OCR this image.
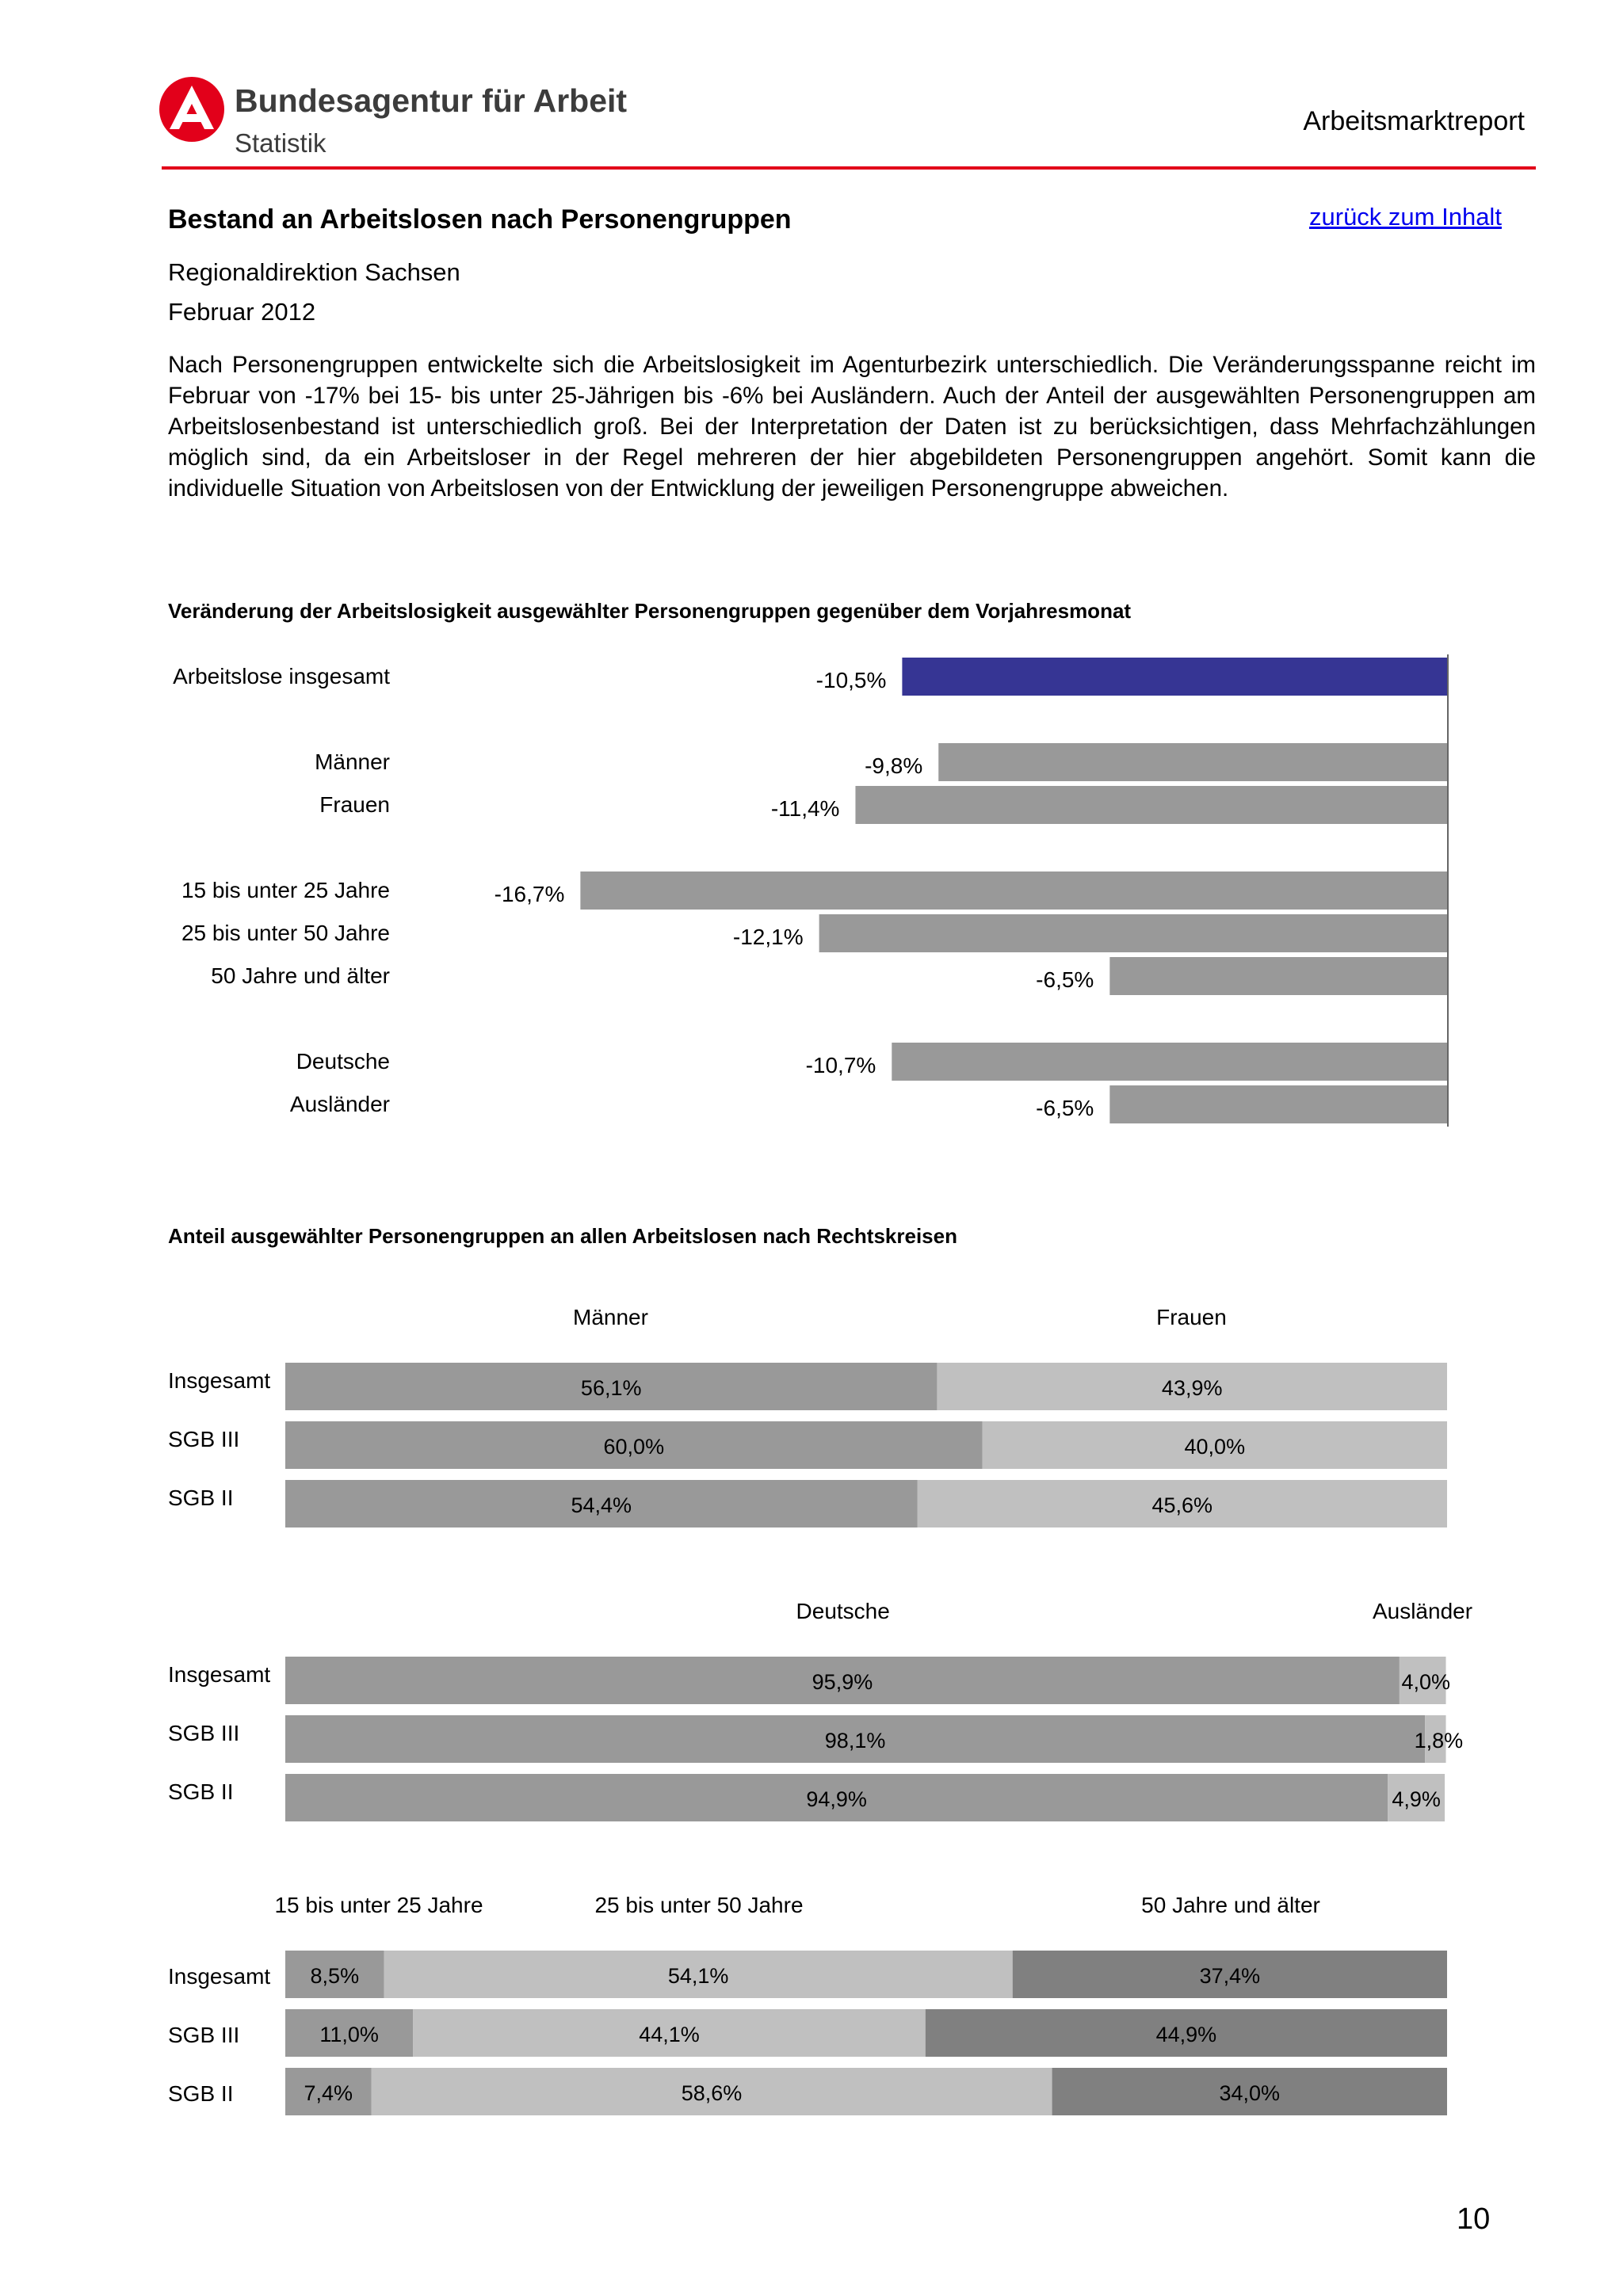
Bundesagentur für Arbeit
Statistik
Arbeitsmarktreport
Bestand an Arbeitslosen nach Personengruppen	zurück zum Inhalt
Regionaldirektion Sachsen
Februar 2012

Nach Personengruppen entwickelte sich die Arbeitslosigkeit im Agenturbezirk unterschiedlich. Die Veränderungsspanne reicht im Februar von -17% bei 15- bis unter 25-Jährigen bis -6% bei Ausländern. Auch der Anteil der ausgewählten Personengruppen am Arbeitslosenbestand ist unterschiedlich groß. Bei der Interpretation der Daten ist zu berücksichtigen, dass Mehrfachzählungen möglich sind, da ein Arbeitsloser in der Regel mehreren der hier abgebildeten Personengruppen angehört. Somit kann die individuelle Situation von Arbeitslosen von der Entwicklung der jeweiligen Personengruppe abweichen.

Veränderung der Arbeitslosigkeit ausgewählter Personengruppen gegenüber dem Vorjahresmonat
Arbeitslose insgesamt	-10,5%
Männer	-9,8%
Frauen	-11,4%
15 bis unter 25 Jahre	-16,7%
25 bis unter 50 Jahre	-12,1%
50 Jahre und älter	-6,5%
Deutsche	-10,7%
Ausländer	-6,5%
Anteil ausgewählter Personengruppen an allen Arbeitslosen nach Rechtskreisen
Männer	Frauen
Insgesamt	56,1%	43,9%
SGB III	60,0%	40,0%
SGB II	54,4%	45,6%
Deutsche	Ausländer
Insgesamt	95,9%	4,0%
SGB III	98,1%	1,8%
SGB II	94,9%	4,9%
15 bis unter 25 Jahre	25 bis unter 50 Jahre	50 Jahre und älter
Insgesamt 8,5%	54,1%	37,4%
SGB III	11,0%	44,1%	44,9%
SGB II	7,4%	58,6%	34,0%
10
